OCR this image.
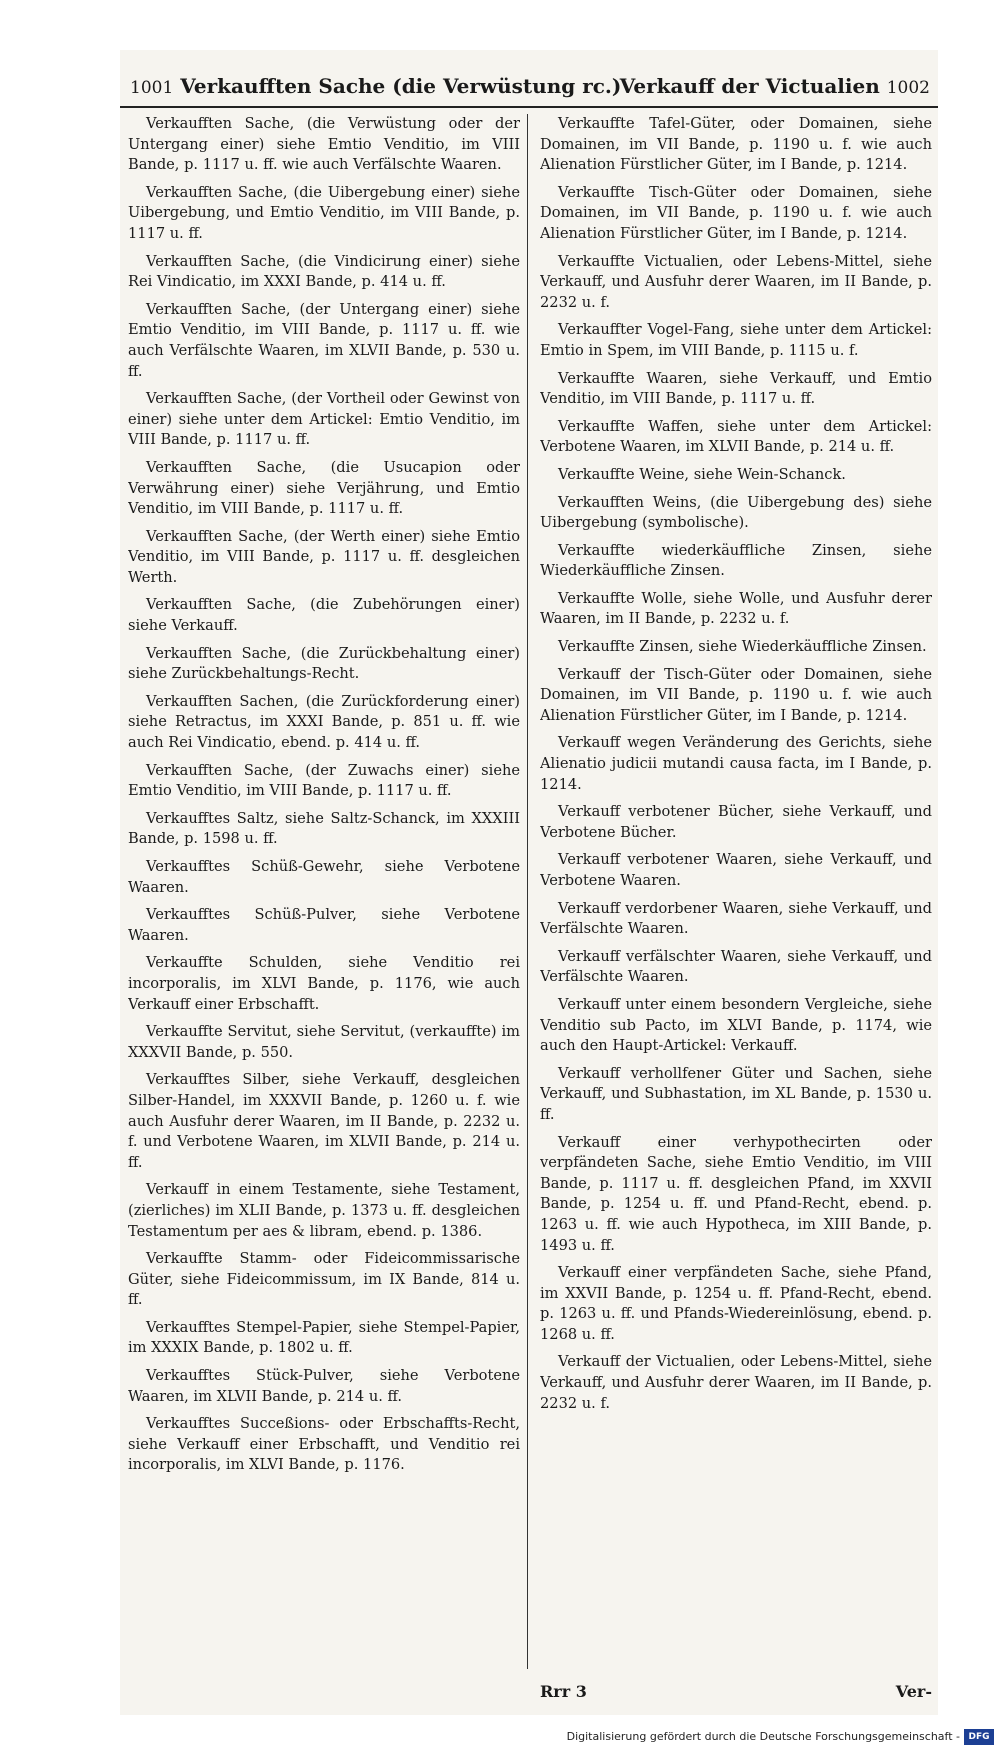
1001 Verkaufften Sache (die Verwüstung rc.)
Verkauff der Victualien 1002

Verkaufften Sache, (die Verwüstung oder der Untergang einer) siehe Emtio Venditio, im VIII Bande, p. 1117 u. ff. wie auch Verfälschte Waaren.

Verkaufften Sache, (die Uibergebung einer) siehe Uibergebung, und Emtio Venditio, im VIII Bande, p. 1117 u. ff.

Verkaufften Sache, (die Vindicirung einer) siehe Rei Vindicatio, im XXXI Bande, p. 414 u. ff.

Verkaufften Sache, (der Untergang einer) siehe Emtio Venditio, im VIII Bande, p. 1117 u. ff. wie auch Verfälschte Waaren, im XLVII Bande, p. 530 u. ff.

Verkaufften Sache, (der Vortheil oder Gewinst von einer) siehe unter dem Artickel: Emtio Venditio, im VIII Bande, p. 1117 u. ff.

Verkaufften Sache, (die Usucapion oder Verwährung einer) siehe Verjährung, und Emtio Venditio, im VIII Bande, p. 1117 u. ff.

Verkaufften Sache, (der Werth einer) siehe Emtio Venditio, im VIII Bande, p. 1117 u. ff. desgleichen Werth.

Verkaufften Sache, (die Zubehörungen einer) siehe Verkauff.

Verkaufften Sache, (die Zurückbehaltung einer) siehe Zurückbehaltungs-Recht.

Verkaufften Sachen, (die Zurückforderung einer) siehe Retractus, im XXXI Bande, p. 851 u. ff. wie auch Rei Vindicatio, ebend. p. 414 u. ff.

Verkaufften Sache, (der Zuwachs einer) siehe Emtio Venditio, im VIII Bande, p. 1117 u. ff.

Verkaufftes Saltz, siehe Saltz-Schanck, im XXXIII Bande, p. 1598 u. ff.

Verkaufftes Schüß-Gewehr, siehe Verbotene Waaren.

Verkaufftes Schüß-Pulver, siehe Verbotene Waaren.

Verkauffte Schulden, siehe Venditio rei incorporalis, im XLVI Bande, p. 1176, wie auch Verkauff einer Erbschafft.

Verkauffte Servitut, siehe Servitut, (verkauffte) im XXXVII Bande, p. 550.

Verkaufftes Silber, siehe Verkauff, desgleichen Silber-Handel, im XXXVII Bande, p. 1260 u. f. wie auch Ausfuhr derer Waaren, im II Bande, p. 2232 u. f. und Verbotene Waaren, im XLVII Bande, p. 214 u. ff.

Verkauff in einem Testamente, siehe Testament, (zierliches) im XLII Bande, p. 1373 u. ff. desgleichen Testamentum per aes & libram, ebend. p. 1386.

Verkauffte Stamm- oder Fideicommissarische Güter, siehe Fideicommissum, im IX Bande, 814 u. ff.

Verkaufftes Stempel-Papier, siehe Stempel-Papier, im XXXIX Bande, p. 1802 u. ff.

Verkaufftes Stück-Pulver, siehe Verbotene Waaren, im XLVII Bande, p. 214 u. ff.

Verkaufftes Succeßions- oder Erbschaffts-Recht, siehe Verkauff einer Erbschafft, und Venditio rei incorporalis, im XLVI Bande, p. 1176.

Verkauffte Tafel-Güter, oder Domainen, siehe Domainen, im VII Bande, p. 1190 u. f. wie auch Alienation Fürstlicher Güter, im I Bande, p. 1214.

Verkauffte Tisch-Güter oder Domainen, siehe Domainen, im VII Bande, p. 1190 u. f. wie auch Alienation Fürstlicher Güter, im I Bande, p. 1214.

Verkauffte Victualien, oder Lebens-Mittel, siehe Verkauff, und Ausfuhr derer Waaren, im II Bande, p. 2232 u. f.

Verkauffter Vogel-Fang, siehe unter dem Artickel: Emtio in Spem, im VIII Bande, p. 1115 u. f.

Verkauffte Waaren, siehe Verkauff, und Emtio Venditio, im VIII Bande, p. 1117 u. ff.

Verkauffte Waffen, siehe unter dem Artickel: Verbotene Waaren, im XLVII Bande, p. 214 u. ff.

Verkauffte Weine, siehe Wein-Schanck.

Verkaufften Weins, (die Uibergebung des) siehe Uibergebung (symbolische).

Verkauffte wiederkäuffliche Zinsen, siehe Wiederkäuffliche Zinsen.

Verkauffte Wolle, siehe Wolle, und Ausfuhr derer Waaren, im II Bande, p. 2232 u. f.

Verkauffte Zinsen, siehe Wiederkäuffliche Zinsen.

Verkauff der Tisch-Güter oder Domainen, siehe Domainen, im VII Bande, p. 1190 u. f. wie auch Alienation Fürstlicher Güter, im I Bande, p. 1214.

Verkauff wegen Veränderung des Gerichts, siehe Alienatio judicii mutandi causa facta, im I Bande, p. 1214.

Verkauff verbotener Bücher, siehe Verkauff, und Verbotene Bücher.

Verkauff verbotener Waaren, siehe Verkauff, und Verbotene Waaren.

Verkauff verdorbener Waaren, siehe Verkauff, und Verfälschte Waaren.

Verkauff verfälschter Waaren, siehe Verkauff, und Verfälschte Waaren.

Verkauff unter einem besondern Vergleiche, siehe Venditio sub Pacto, im XLVI Bande, p. 1174, wie auch den Haupt-Artickel: Verkauff.

Verkauff verhollfener Güter und Sachen, siehe Verkauff, und Subhastation, im XL Bande, p. 1530 u. ff.

Verkauff einer verhypothecirten oder verpfändeten Sache, siehe Emtio Venditio, im VIII Bande, p. 1117 u. ff. desgleichen Pfand, im XXVII Bande, p. 1254 u. ff. und Pfand-Recht, ebend. p. 1263 u. ff. wie auch Hypotheca, im XIII Bande, p. 1493 u. ff.

Verkauff einer verpfändeten Sache, siehe Pfand, im XXVII Bande, p. 1254 u. ff. Pfand-Recht, ebend. p. 1263 u. ff. und Pfands-Wiedereinlösung, ebend. p. 1268 u. ff.

Verkauff der Victualien, oder Lebens-Mittel, siehe Verkauff, und Ausfuhr derer Waaren, im II Bande, p. 2232 u. f.

Rrr 3	Ver-
Digitalisierung gefördert durch die Deutsche Forschungsgemeinschaft - DFG
